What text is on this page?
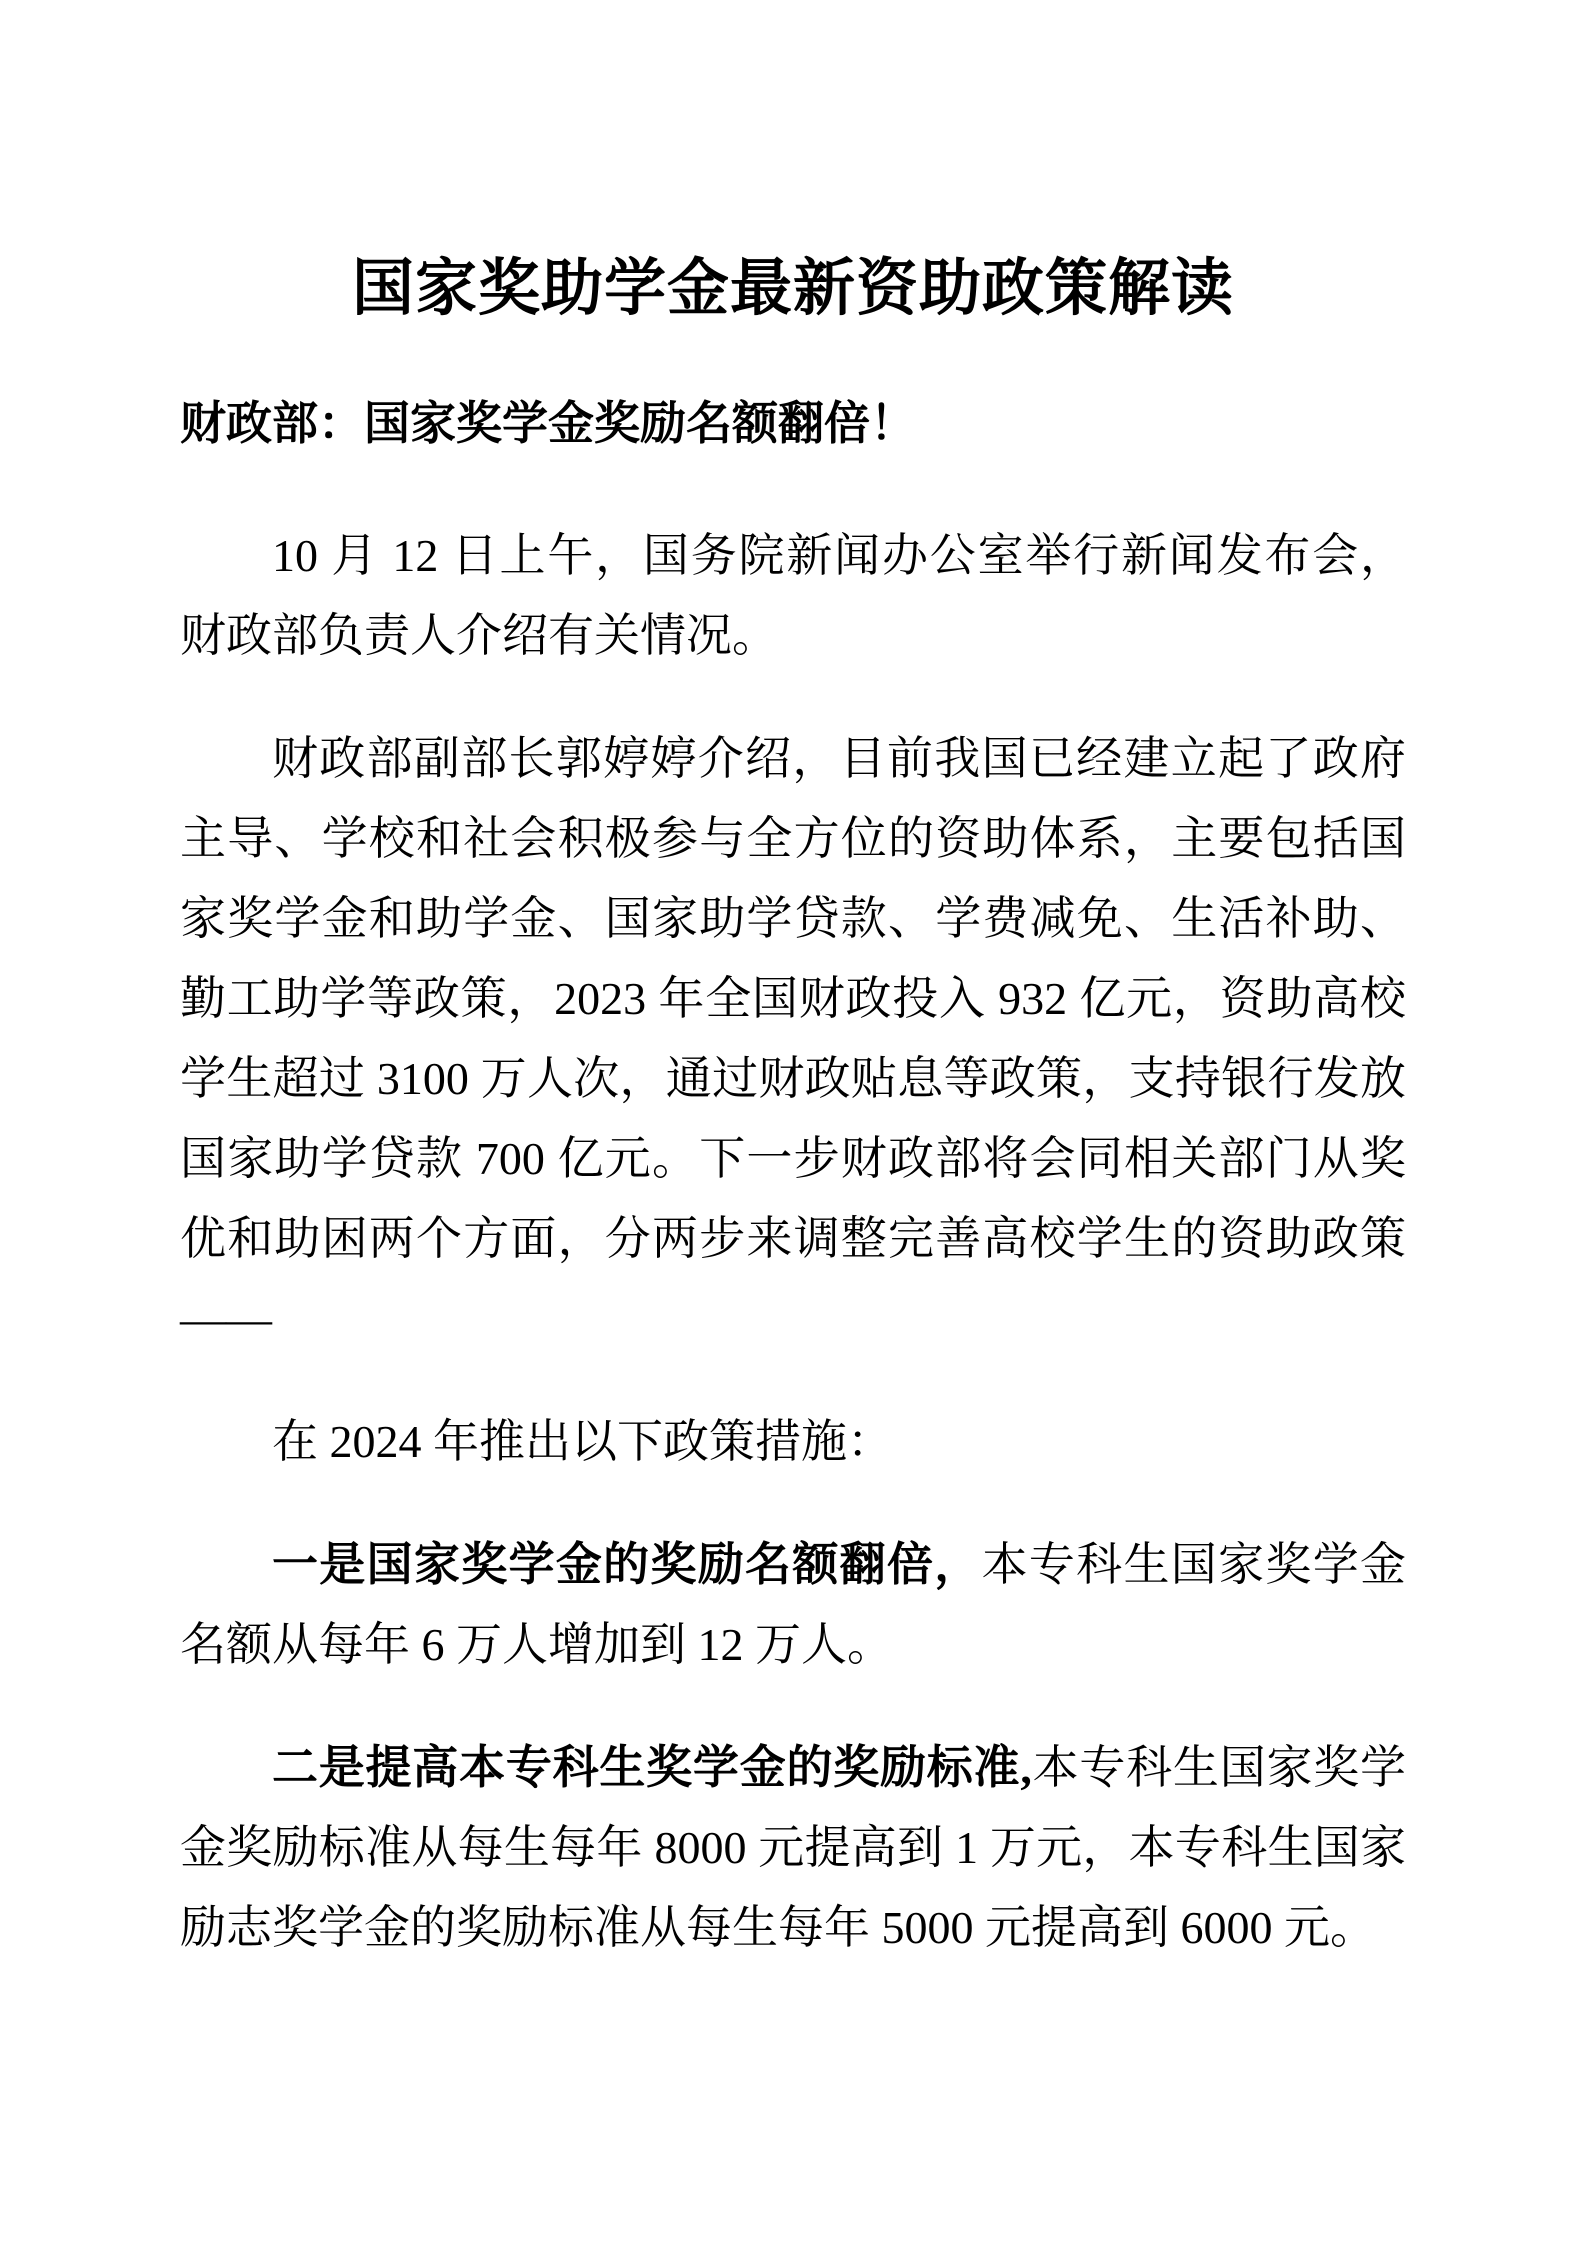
国家奖助学金最新资助政策解读
财政部：国家奖学金奖励名额翻倍！

10 月 12 日上午，国务院新闻办公室举行新闻发布会，财政部负责人介绍有关情况。

财政部副部长郭婷婷介绍，目前我国已经建立起了政府主导、学校和社会积极参与全方位的资助体系，主要包括国家奖学金和助学金、国家助学贷款、学费减免、生活补助、勤工助学等政策，2023 年全国财政投入 932 亿元，资助高校学生超过 3100 万人次，通过财政贴息等政策，支持银行发放国家助学贷款 700 亿元。下一步财政部将会同相关部门从奖优和助困两个方面，分两步来调整完善高校学生的资助政策——

在 2024 年推出以下政策措施：

一是国家奖学金的奖励名额翻倍，本专科生国家奖学金名额从每年 6 万人增加到 12 万人。

二是提高本专科生奖学金的奖励标准,本专科生国家奖学金奖励标准从每生每年 8000 元提高到 1 万元，本专科生国家励志奖学金的奖励标准从每生每年 5000 元提高到 6000 元。
